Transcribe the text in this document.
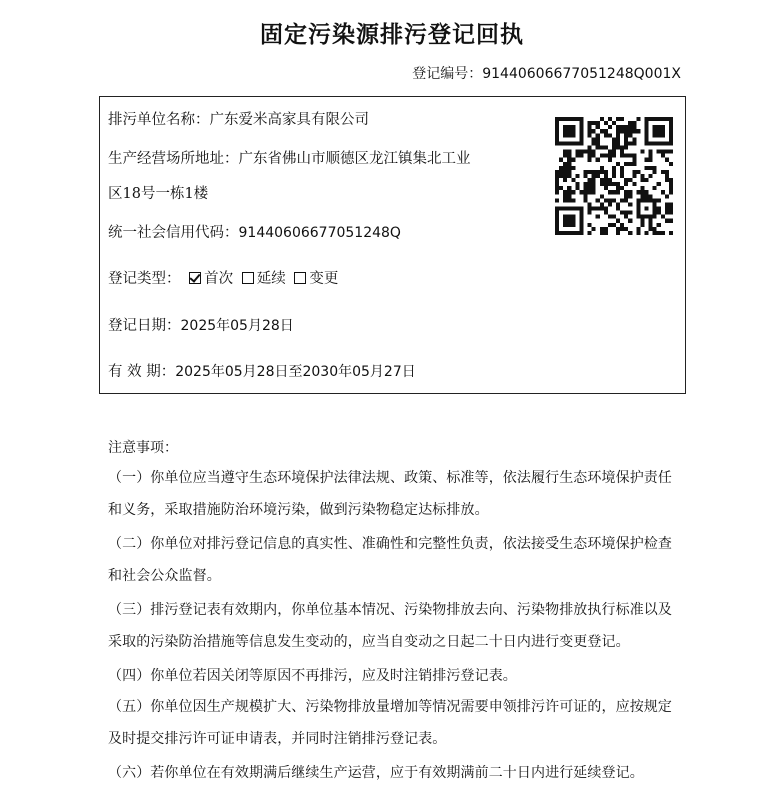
固定污染源排污登记回执
登记编号：91440606677051248Q001X
排污单位名称：广东爱米高家具有限公司
生产经营场所地址：广东省佛山市顺德区龙江镇集北工业
区18号一栋1楼
统一社会信用代码：91440606677051248Q
登记类型： 首次 延续 变更
登记日期：2025年05月28日
有 效 期：2025年05月28日至2030年05月27日
注意事项：
（一）你单位应当遵守生态环境保护法律法规、政策、标准等，依法履行生态环境保护责任和义务，采取措施防治环境污染，做到污染物稳定达标排放。
（二）你单位对排污登记信息的真实性、准确性和完整性负责，依法接受生态环境保护检查和社会公众监督。
（三）排污登记表有效期内，你单位基本情况、污染物排放去向、污染物排放执行标准以及采取的污染防治措施等信息发生变动的，应当自变动之日起二十日内进行变更登记。
（四）你单位若因关闭等原因不再排污，应及时注销排污登记表。
（五）你单位因生产规模扩大、污染物排放量增加等情况需要申领排污许可证的，应按规定及时提交排污许可证申请表，并同时注销排污登记表。
（六）若你单位在有效期满后继续生产运营，应于有效期满前二十日内进行延续登记。
